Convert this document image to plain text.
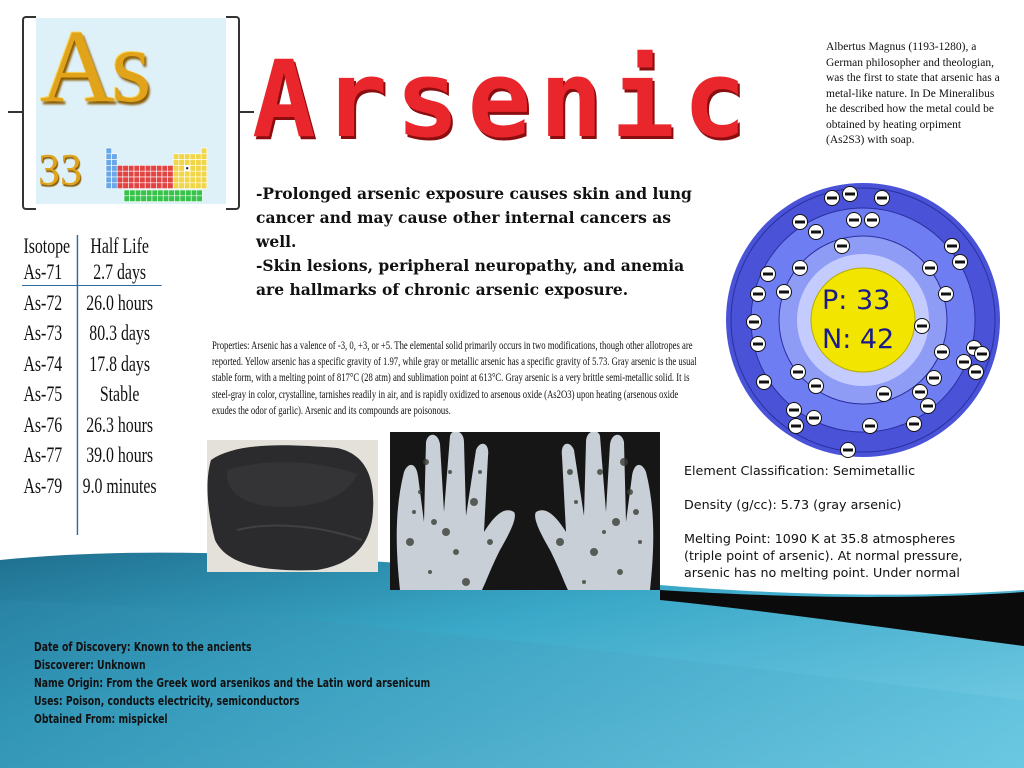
As
33
Arsenic	Albertus Magnus (1193-1280), a German philosopher and theologian, was the first to state that arsenic has a metal-like nature. In De Mineralibus he described how the metal could be obtained by heating orpiment (As2S3) with soap.
Isotope Half Life
As-71	2.7 days
As-72	26.0 hours
As-73	80.3 days
As-74	17.8 days
As-75	Stable
As-76	26.3 hours
As-77	39.0 hours
As-79 9.0 minutes
-Prolonged arsenic exposure causes skin and lung cancer and may cause other internal cancers as well.
-Skin lesions, peripheral neuropathy, and anemia are hallmarks of chronic arsenic exposure.
Properties: Arsenic has a valence of -3, 0, +3, or +5. The elemental solid primarily occurs in two modifications, though other allotropes are reported. Yellow arsenic has a specific gravity of 1.97, while gray or metallic arsenic has a specific gravity of 5.73. Gray arsenic is the usual stable form, with a melting point of 817°C (28 atm) and sublimation point at 613°C. Gray arsenic is a very brittle semi-metallic solid. It is steel-gray in color, crystalline, tarnishes readily in air, and is rapidly oxidized to arsenous oxide (As2O3) upon heating (arsenous oxide exudes the odor of garlic). Arsenic and its compounds are poisonous.
P: 33
N: 42

Element Classification: Semimetallic

Density (g/cc): 5.73 (gray arsenic)

Melting Point: 1090 K at 35.8 atmospheres (triple point of arsenic). At normal pressure, arsenic has no melting point. Under normal

Date of Discovery: Known to the ancients
Discoverer: Unknown
Name Origin: From the Greek word arsenikos and the Latin word arsenicum
Uses: Poison, conducts electricity, semiconductors
Obtained From: mispickel
